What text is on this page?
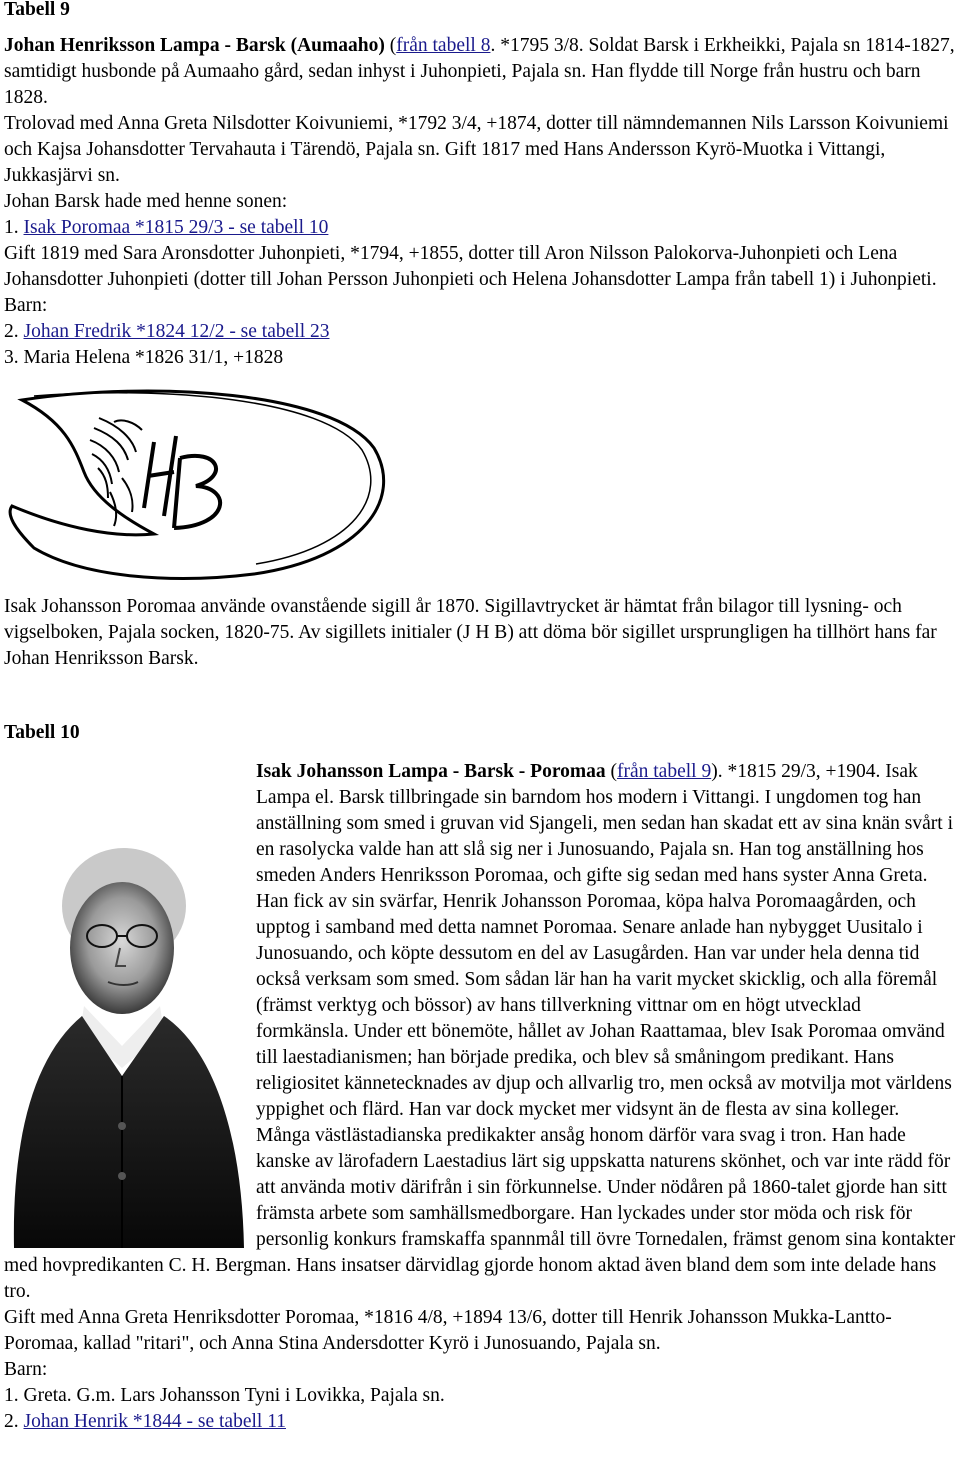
Tabell 9

Johan Henriksson Lampa - Barsk (Aumaaho) (från tabell 8. *1795 3/8. Soldat Barsk i Erkheikki, Pajala sn 1814-1827, samtidigt husbonde på Aumaaho gård, sedan inhyst i Juhonpieti, Pajala sn. Han flydde till Norge från hustru och barn 1828.

Trolovad med Anna Greta Nilsdotter Koivuniemi, *1792 3/4, +1874, dotter till nämndemannen Nils Larsson Koivuniemi och Kajsa Johansdotter Tervahauta i Tärendö, Pajala sn. Gift 1817 med Hans Andersson Kyrö-Muotka i Vittangi, Jukkasjärvi sn.

Johan Barsk hade med henne sonen:

1. Isak Poromaa *1815 29/3 - se tabell 10

Gift 1819 med Sara Aronsdotter Juhonpieti, *1794, +1855, dotter till Aron Nilsson Palokorva-Juhonpieti och Lena Johansdotter Juhonpieti (dotter till Johan Persson Juhonpieti och Helena Johansdotter Lampa från tabell 1) i Juhonpieti.

Barn:

2. Johan Fredrik *1824 12/2 - se tabell 23

3. Maria Helena *1826 31/1, +1828

HB

Isak Johansson Poromaa använde ovanstående sigill år 1870. Sigillavtrycket är hämtat från bilagor till lysning- och vigselboken, Pajala socken, 1820-75. Av sigillets initialer (J H B) att döma bör sigillet ursprungligen ha tillhört hans far Johan Henriksson Barsk.

Tabell 10

Isak Johansson Lampa - Barsk - Poromaa (från tabell 9). *1815 29/3, +1904. Isak Lampa el. Barsk tillbringade sin barndom hos modern i Vittangi. I ungdomen tog han anställning som smed i gruvan vid Sjangeli, men sedan han skadat ett av sina knän svårt i en rasolycka valde han att slå sig ner i Junosuando, Pajala sn. Han tog anställning hos smeden Anders Henriksson Poromaa, och gifte sig sedan med hans syster Anna Greta. Han fick av sin svärfar, Henrik Johansson Poromaa, köpa halva Poromaagården, och upptog i samband med detta namnet Poromaa. Senare anlade han nybygget Uusitalo i Junosuando, och köpte dessutom en del av Lasugården. Han var under hela denna tid också verksam som smed. Som sådan lär han ha varit mycket skicklig, och alla föremål (främst verktyg och bössor) av hans tillverkning vittnar om en högt utvecklad formkänsla. Under ett bönemöte, hållet av Johan Raattamaa, blev Isak Poromaa omvänd till laestadianismen; han började predika, och blev så småningom predikant. Hans religiositet kännetecknades av djup och allvarlig tro, men också av motvilja mot världens yppighet och flärd. Han var dock mycket mer vidsynt än de flesta av sina kolleger. Många västlästadianska predikakter ansåg honom därför vara svag i tron. Han hade kanske av lärofadern Laestadius lärt sig uppskatta naturens skönhet, och var inte rädd för att använda motiv därifrån i sin förkunnelse. Under nödåren på 1860-talet gjorde han sitt främsta arbete som samhällsmedborgare. Han lyckades under stor möda och risk för personlig konkurs framskaffa spannmål till övre Tornedalen, främst genom sina kontakter med hovpredikanten C. H. Bergman. Hans insatser därvidlag gjorde honom aktad även bland dem som inte delade hans tro.

Gift med Anna Greta Henriksdotter Poromaa, *1816 4/8, +1894 13/6, dotter till Henrik Johansson Mukka-Lantto-Poromaa, kallad "ritari", och Anna Stina Andersdotter Kyrö i Junosuando, Pajala sn.

Barn:

1. Greta. G.m. Lars Johansson Tyni i Lovikka, Pajala sn.

2. Johan Henrik *1844 - se tabell 11
